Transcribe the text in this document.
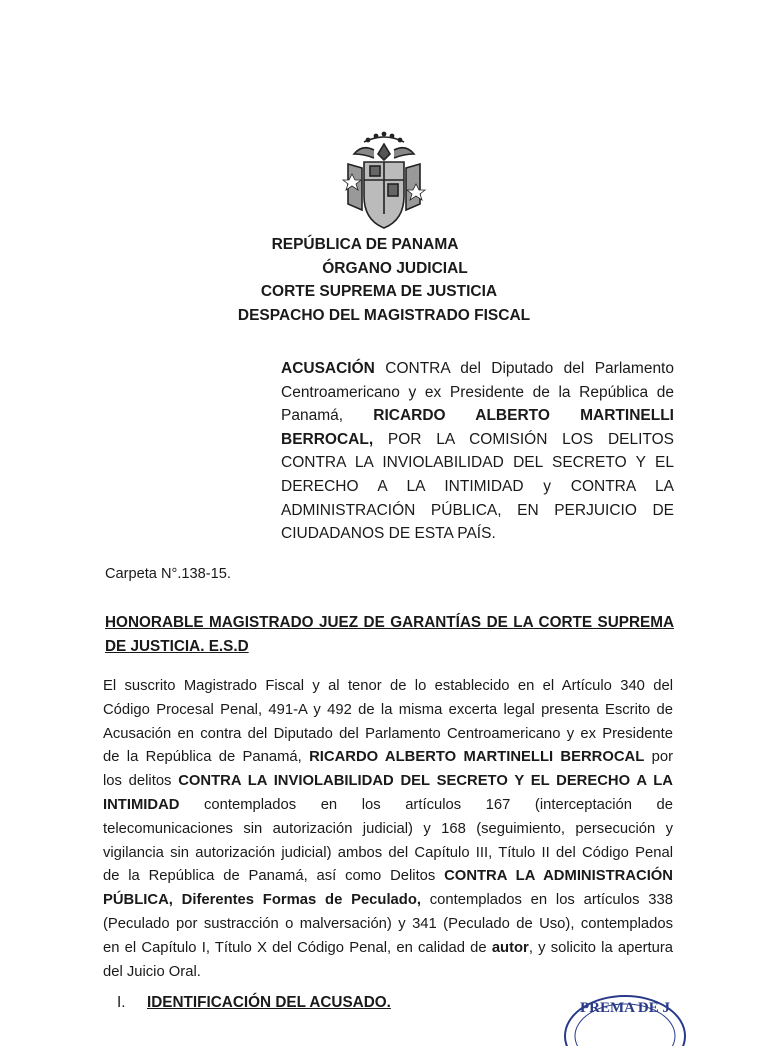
REPÚBLICA DE PANAMA
ÓRGANO JUDICIAL
CORTE SUPREMA DE JUSTICIA
DESPACHO DEL MAGISTRADO FISCAL
ACUSACIÓN CONTRA del Diputado del Parlamento
Centroamericano y ex Presidente de la República de
Panamá, RICARDO ALBERTO MARTINELLI
BERROCAL, POR LA COMISIÓN LOS DELITOS
CONTRA LA INVIOLABILIDAD DEL SECRETO Y EL
DERECHO A LA INTIMIDAD y CONTRA LA
ADMINISTRACIÓN PÚBLICA, EN PERJUICIO DE
CIUDADANOS DE ESTA PAÍS.
Carpeta N°.138-15.
HONORABLE MAGISTRADO JUEZ DE GARANTÍAS DE LA CORTE SUPREMA
DE JUSTICIA. E.S.D
El suscrito Magistrado Fiscal y al tenor de lo establecido en el Artículo 340 del
Código Procesal Penal, 491-A y 492 de la misma excerta legal presenta Escrito de
Acusación en contra del Diputado del Parlamento Centroamericano y ex Presidente
de la República de Panamá, RICARDO ALBERTO MARTINELLI BERROCAL por
los delitos CONTRA LA INVIOLABILIDAD DEL SECRETO Y EL DERECHO A LA
INTIMIDAD contemplados en los artículos 167 (interceptación de
telecomunicaciones sin autorización judicial) y 168 (seguimiento, persecución y
vigilancia sin autorización judicial) ambos del Capítulo III, Título II del Código Penal
de la República de Panamá, así como Delitos CONTRA LA ADMINISTRACIÓN
PÚBLICA, Diferentes Formas de Peculado, contemplados en los artículos 338
(Peculado por sustracción o malversación) y 341 (Peculado de Uso), contemplados
en el Capítulo I, Título X del Código Penal, en calidad de autor, y solicito la apertura
del Juicio Oral.
I. IDENTIFICACIÓN DEL ACUSADO.	PREMA DE J
